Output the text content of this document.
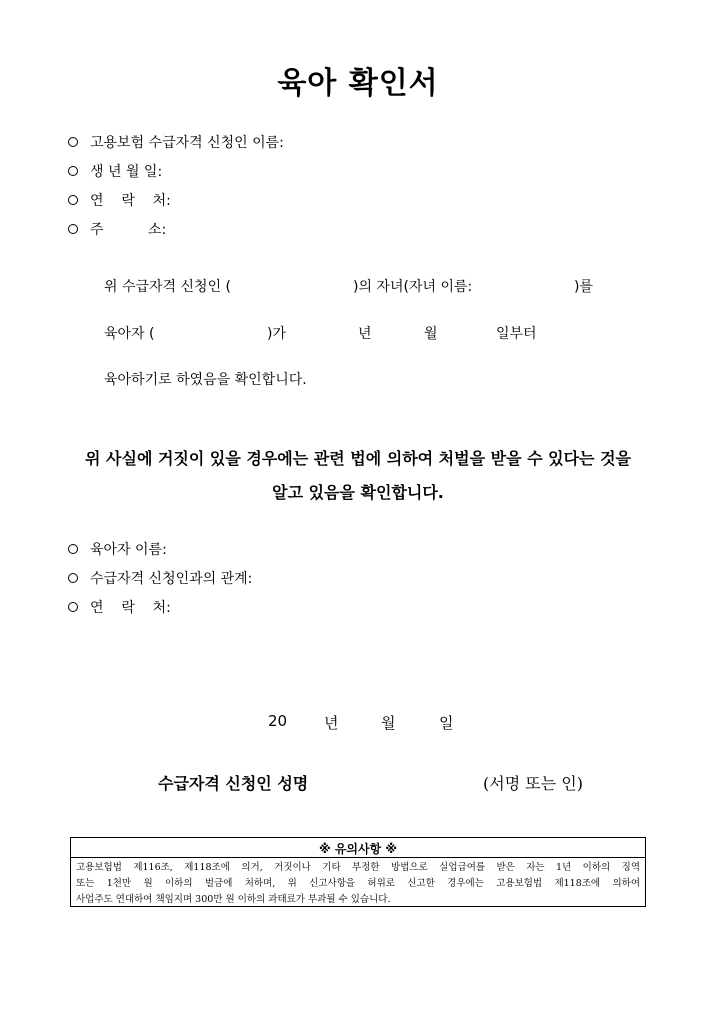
육아 확인서
고용보험 수급자격 신청인 이름:
생 년 월 일:
연    락    처:
주          소:
위 수급자격 신청인 (	)의 자녀(자녀 이름:	)를
육아자 (	)가	년	월	일부터
육아하기로 하였음을 확인합니다.
위 사실에 거짓이 있을 경우에는 관련 법에 의하여 처벌을 받을 수 있다는 것을
알고 있음을 확인합니다.
육아자 이름:
수급자격 신청인과의 관계:
연    락    처:
20 년	월	일
수급자격 신청인 성명	(서명 또는 인)
※ 유의사항 ※
고용보험법 제116조, 제118조에 의거, 거짓이나 기타 부정한 방법으로 실업급여를 받은 자는 1년 이하의 징역
또는 1천만 원 이하의 벌금에 처하며, 위 신고사항을 허위로 신고한 경우에는 고용보험법 제118조에 의하여
사업주도 연대하여 책임지며 300만 원 이하의 과태료가 부과될 수 있습니다.
